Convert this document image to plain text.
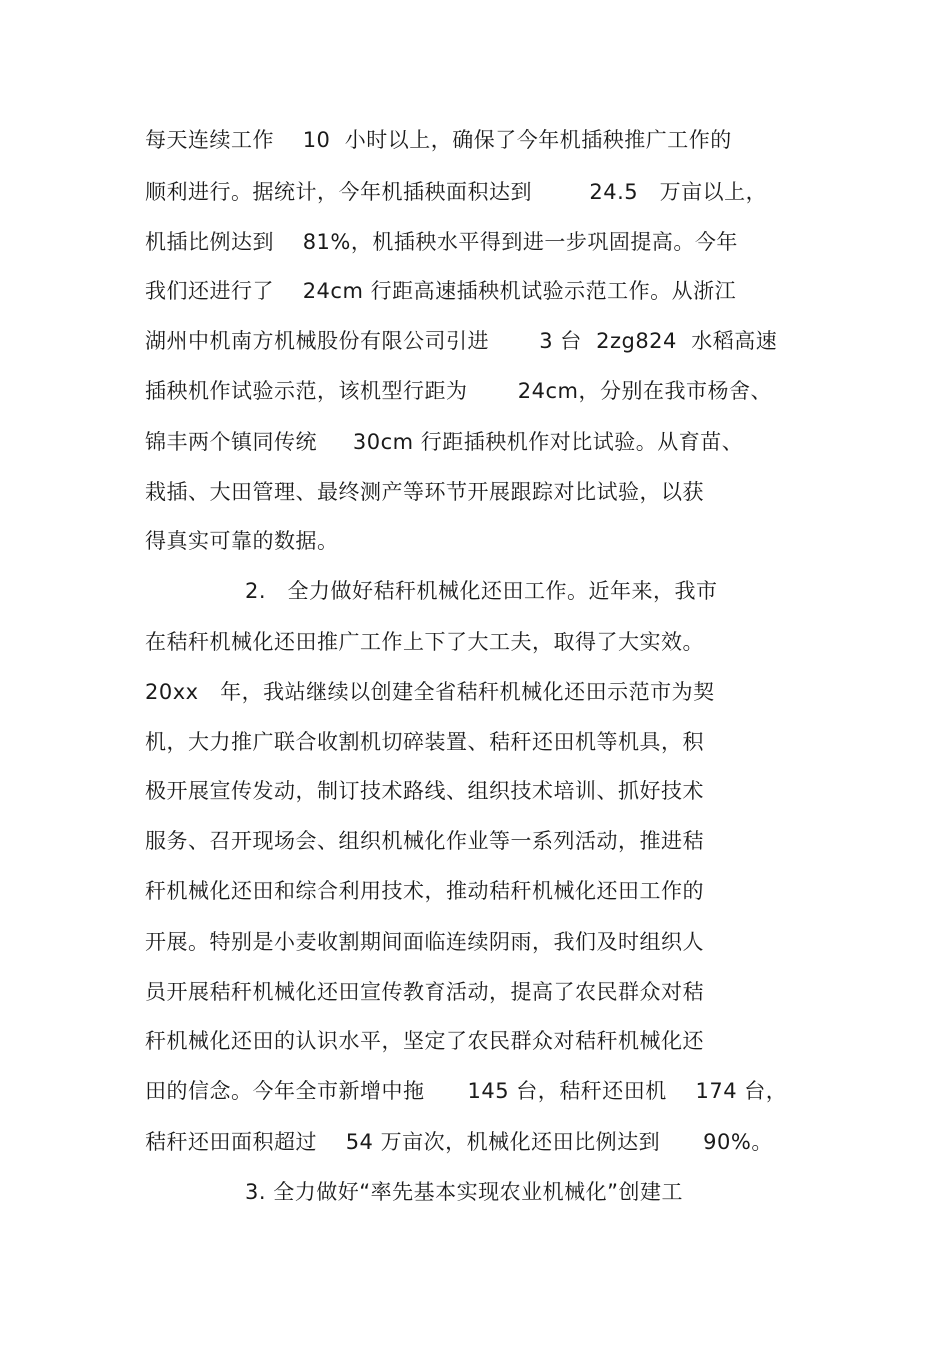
每天连续工作    10  小时以上，确保了今年机插秧推广工作的
顺利进行。据统计，今年机插秧面积达到        24.5   万亩以上，
机插比例达到    81%，机插秧水平得到进一步巩固提高。今年
我们还进行了    24cm 行距高速插秧机试验示范工作。从浙江
湖州中机南方机械股份有限公司引进       3 台  2zg824  水稻高速
插秧机作试验示范，该机型行距为       24cm，分别在我市杨舍、
锦丰两个镇同传统     30cm 行距插秧机作对比试验。从育苗、
栽插、大田管理、最终测产等环节开展跟踪对比试验，以获
得真实可靠的数据。
2.   全力做好秸秆机械化还田工作。近年来，我市
在秸秆机械化还田推广工作上下了大工夫，取得了大实效。
20xx   年，我站继续以创建全省秸秆机械化还田示范市为契
机，大力推广联合收割机切碎装置、秸秆还田机等机具，积
极开展宣传发动，制订技术路线、组织技术培训、抓好技术
服务、召开现场会、组织机械化作业等一系列活动，推进秸
秆机械化还田和综合利用技术，推动秸秆机械化还田工作的
开展。特别是小麦收割期间面临连续阴雨，我们及时组织人
员开展秸秆机械化还田宣传教育活动，提高了农民群众对秸
秆机械化还田的认识水平，坚定了农民群众对秸秆机械化还
田的信念。今年全市新增中拖      145 台，秸秆还田机    174 台，
秸秆还田面积超过    54 万亩次，机械化还田比例达到      90%。
3. 全力做好“率先基本实现农业机械化”创建工
